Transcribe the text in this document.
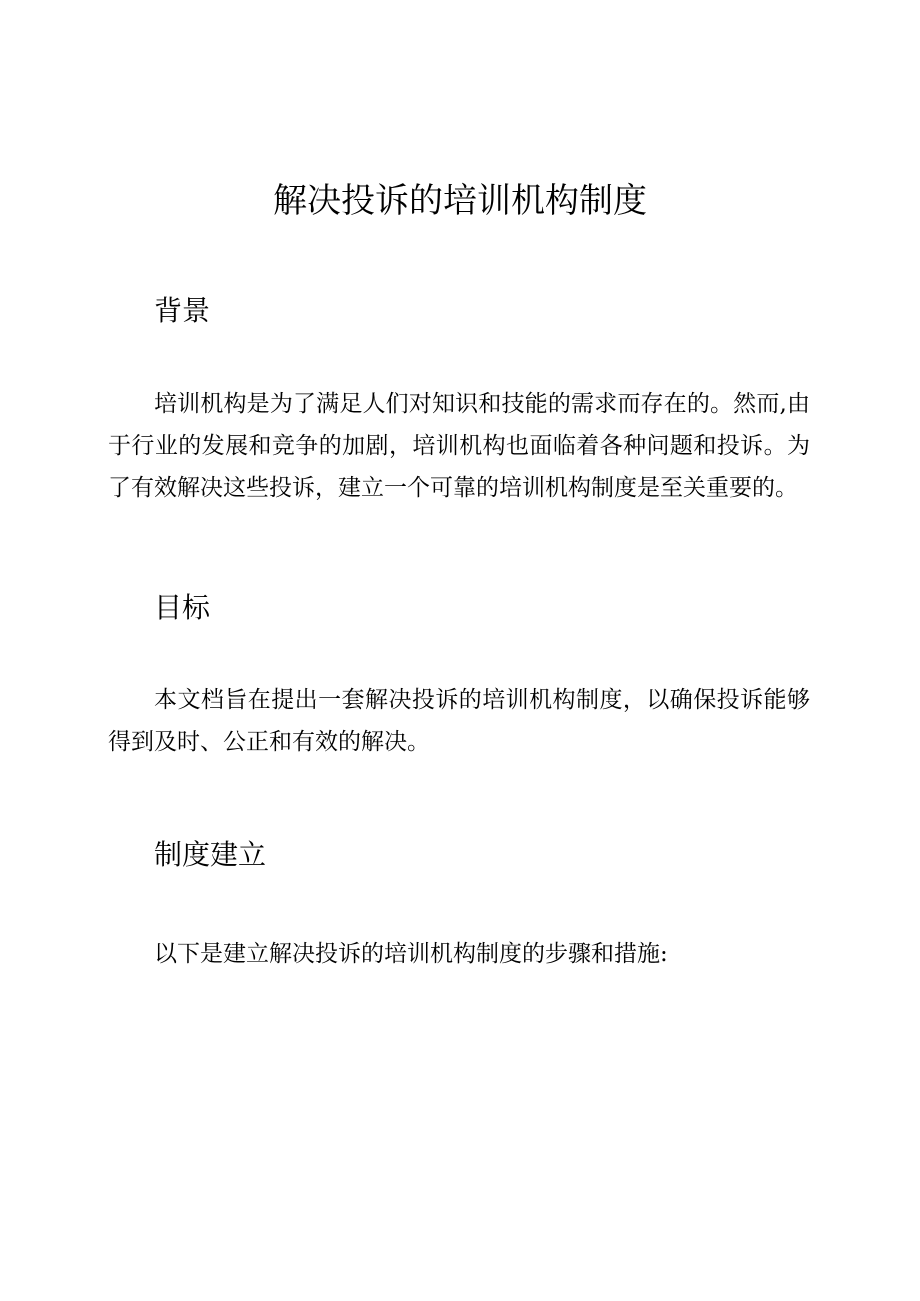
解决投诉的培训机构制度
背景

培训机构是为了满足人们对知识和技能的需求而存在的。然而,由于行业的发展和竞争的加剧，培训机构也面临着各种问题和投诉。为了有效解决这些投诉，建立一个可靠的培训机构制度是至关重要的。

目标

本文档旨在提出一套解决投诉的培训机构制度，以确保投诉能够得到及时、公正和有效的解决。

制度建立

以下是建立解决投诉的培训机构制度的步骤和措施:
